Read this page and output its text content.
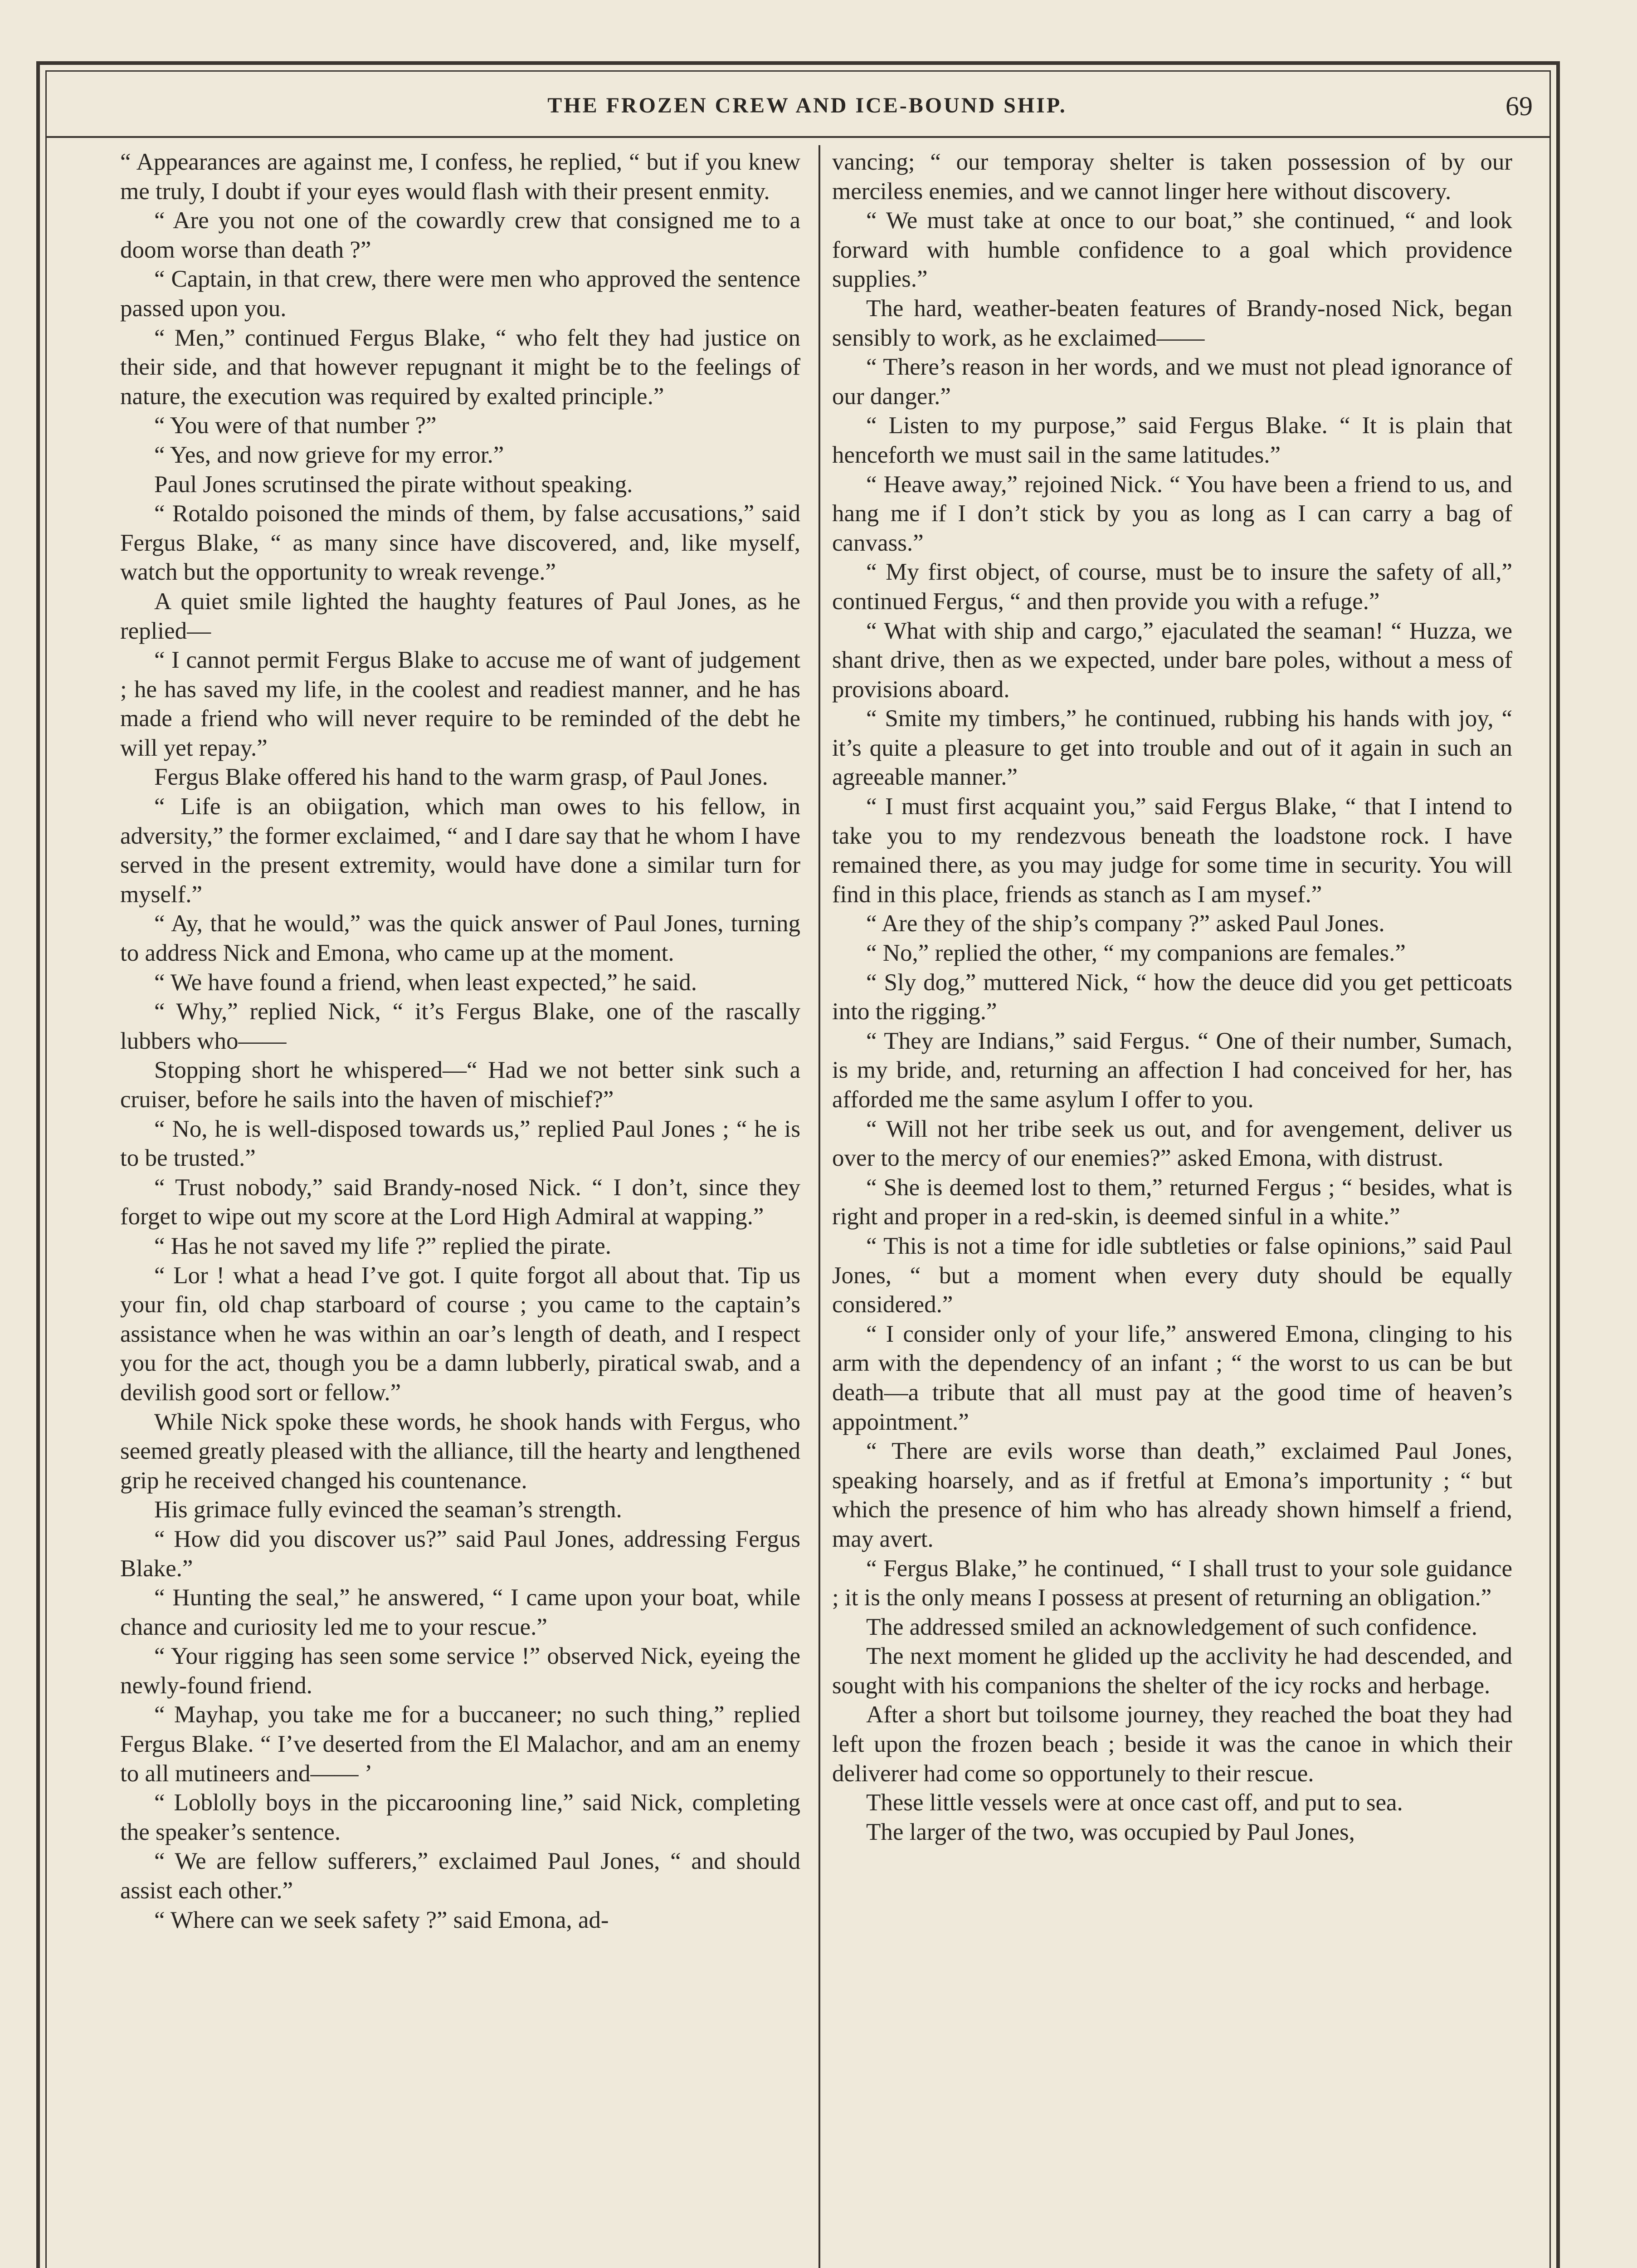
THE FROZEN CREW AND ICE-BOUND SHIP.	69

“ Appearances are against me, I confess, he replied, “ but if you knew me truly, I doubt if your eyes would flash with their present enmity.

“ Are you not one of the cowardly crew that consigned me to a doom worse than death ?”

“ Captain, in that crew, there were men who approved the sentence passed upon you.

“ Men,” continued Fergus Blake, “ who felt they had justice on their side, and that however repugnant it might be to the feelings of nature, the execution was required by exalted principle.”

“ You were of that number ?”

“ Yes, and now grieve for my error.”

Paul Jones scrutinsed the pirate without speaking.

“ Rotaldo poisoned the minds of them, by false accusations,” said Fergus Blake, “ as many since have discovered, and, like myself, watch but the opportunity to wreak revenge.”

A quiet smile lighted the haughty features of Paul Jones, as he replied—

“ I cannot permit Fergus Blake to accuse me of want of judgement ; he has saved my life, in the coolest and readiest manner, and he has made a friend who will never require to be reminded of the debt he will yet repay.”

Fergus Blake offered his hand to the warm grasp, of Paul Jones.

“ Life is an obiigation, which man owes to his fellow, in adversity,” the former exclaimed, “ and I dare say that he whom I have served in the present extremity, would have done a similar turn for myself.”

“ Ay, that he would,” was the quick answer of Paul Jones, turning to address Nick and Emona, who came up at the moment.

“ We have found a friend, when least expected,” he said.

“ Why,” replied Nick, “ it’s Fergus Blake, one of the rascally lubbers who——

Stopping short he whispered—“ Had we not better sink such a cruiser, before he sails into the haven of mischief?”

“ No, he is well-disposed towards us,” replied Paul Jones ; “ he is to be trusted.”

“ Trust nobody,” said Brandy-nosed Nick. “ I don’t, since they forget to wipe out my score at the Lord High Admiral at wapping.”

“ Has he not saved my life ?” replied the pirate.

“ Lor ! what a head I’ve got. I quite forgot all about that. Tip us your fin, old chap starboard of course ; you came to the captain’s assistance when he was within an oar’s length of death, and I respect you for the act, though you be a damn lubberly, piratical swab, and a devilish good sort or fellow.”

While Nick spoke these words, he shook hands with Fergus, who seemed greatly pleased with the alliance, till the hearty and lengthened grip he received changed his countenance.

His grimace fully evinced the seaman’s strength.

“ How did you discover us?” said Paul Jones, addressing Fergus Blake.”

“ Hunting the seal,” he answered, “ I came upon your boat, while chance and curiosity led me to your rescue.”

“ Your rigging has seen some service !” observed Nick, eyeing the newly-found friend.

“ Mayhap, you take me for a buccaneer; no such thing,” replied Fergus Blake. “ I’ve deserted from the El Malachor, and am an enemy to all mutineers and—— ’

“ Loblolly boys in the piccarooning line,” said Nick, completing the speaker’s sentence.

“ We are fellow sufferers,” exclaimed Paul Jones, “ and should assist each other.”

“ Where can we seek safety ?” said Emona, ad-

vancing; “ our temporay shelter is taken possession of by our merciless enemies, and we cannot linger here without discovery.

“ We must take at once to our boat,” she continued, “ and look forward with humble confidence to a goal which providence supplies.”

The hard, weather-beaten features of Brandy-nosed Nick, began sensibly to work, as he exclaimed——

“ There’s reason in her words, and we must not plead ignorance of our danger.”

“ Listen to my purpose,” said Fergus Blake. “ It is plain that henceforth we must sail in the same latitudes.”

“ Heave away,” rejoined Nick. “ You have been a friend to us, and hang me if I don’t stick by you as long as I can carry a bag of canvass.”

“ My first object, of course, must be to insure the safety of all,” continued Fergus, “ and then provide you with a refuge.”

“ What with ship and cargo,” ejaculated the seaman! “ Huzza, we shant drive, then as we expected, under bare poles, without a mess of provisions aboard.

“ Smite my timbers,” he continued, rubbing his hands with joy, “ it’s quite a pleasure to get into trouble and out of it again in such an agreeable manner.”

“ I must first acquaint you,” said Fergus Blake, “ that I intend to take you to my rendezvous beneath the loadstone rock. I have remained there, as you may judge for some time in security. You will find in this place, friends as stanch as I am mysef.”

“ Are they of the ship’s company ?” asked Paul Jones.

“ No,” replied the other, “ my companions are females.”

“ Sly dog,” muttered Nick, “ how the deuce did you get petticoats into the rigging.”

“ They are Indians,” said Fergus. “ One of their number, Sumach, is my bride, and, returning an affection I had conceived for her, has afforded me the same asylum I offer to you.

“ Will not her tribe seek us out, and for avengement, deliver us over to the mercy of our enemies?” asked Emona, with distrust.

“ She is deemed lost to them,” returned Fergus ; “ besides, what is right and proper in a red-skin, is deemed sinful in a white.”

“ This is not a time for idle subtleties or false opinions,” said Paul Jones, “ but a moment when every duty should be equally considered.”

“ I consider only of your life,” answered Emona, clinging to his arm with the dependency of an infant ; “ the worst to us can be but death—a tribute that all must pay at the good time of heaven’s appointment.”

“ There are evils worse than death,” exclaimed Paul Jones, speaking hoarsely, and as if fretful at Emona’s importunity ; “ but which the presence of him who has already shown himself a friend, may avert.

“ Fergus Blake,” he continued, “ I shall trust to your sole guidance ; it is the only means I possess at present of returning an obligation.”

The addressed smiled an acknowledgement of such confidence.

The next moment he glided up the acclivity he had descended, and sought with his companions the shelter of the icy rocks and herbage.

After a short but toilsome journey, they reached the boat they had left upon the frozen beach ; beside it was the canoe in which their deliverer had come so opportunely to their rescue.

These little vessels were at once cast off, and put to sea.

The larger of the two, was occupied by Paul Jones,
